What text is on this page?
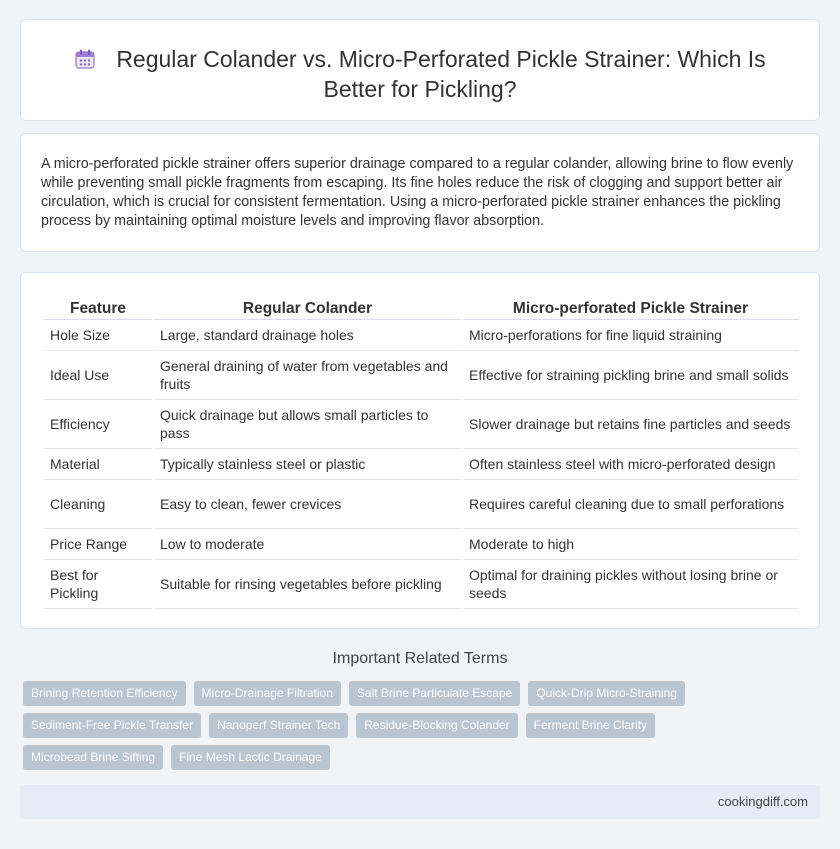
Regular Colander vs. Micro-Perforated Pickle Strainer: Which Is Better for Pickling?

A micro-perforated pickle strainer offers superior drainage compared to a regular colander, allowing brine to flow evenly while preventing small pickle fragments from escaping. Its fine holes reduce the risk of clogging and support better air circulation, which is crucial for consistent fermentation. Using a micro-perforated pickle strainer enhances the pickling process by maintaining optimal moisture levels and improving flavor absorption.

Feature	Regular Colander	Micro-perforated Pickle Strainer
Hole Size	Large, standard drainage holes	Micro-perforations for fine liquid straining
Ideal Use	General draining of water from vegetables and fruits	Effective for straining pickling brine and small solids
Efficiency	Quick drainage but allows small particles to pass	Slower drainage but retains fine particles and seeds
Material	Typically stainless steel or plastic	Often stainless steel with micro-perforated design
Cleaning	Easy to clean, fewer crevices	Requires careful cleaning due to small perforations
Price Range	Low to moderate	Moderate to high
Best for Pickling	Suitable for rinsing vegetables before pickling	Optimal for draining pickles without losing brine or seeds
Important Related Terms
Brining Retention Efficiency	Micro-Drainage Filtration	Salt Brine Particulate Escape	Quick-Drip Micro-Straining
Sediment-Free Pickle Transfer	Nanoperf Strainer Tech	Residue-Blocking Colander	Ferment Brine Clarity
Microbead Brine Sifting	Fine Mesh Lactic Drainage
cookingdiff.com
